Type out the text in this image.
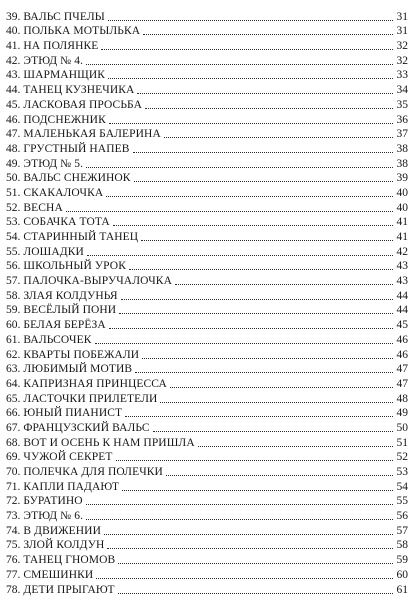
39. ВАЛЬС ПЧЕЛЫ	31
40. ПОЛЬКА МОТЫЛЬКА	31
41. НА ПОЛЯНКЕ	32
42. ЭТЮД № 4.	32
43. ШАРМАНЩИК	33
44. ТАНЕЦ КУЗНЕЧИКА	34
45. ЛАСКОВАЯ ПРОСЬБА	35
46. ПОДСНЕЖНИК	36
47. МАЛЕНЬКАЯ БАЛЕРИНА	37
48. ГРУСТНЫЙ НАПЕВ	38
49. ЭТЮД № 5.	38
50. ВАЛЬС СНЕЖИНОК	39
51. СКАКАЛОЧКА	40
52. ВЕСНА	40
53. СОБАЧКА ТОТА	41
54. СТАРИННЫЙ ТАНЕЦ	41
55. ЛОШАДКИ	42
56. ШКОЛЬНЫЙ УРОК	43
57. ПАЛОЧКА-ВЫРУЧАЛОЧКА	43
58. ЗЛАЯ КОЛДУНЬЯ	44
59. ВЕСЁЛЫЙ ПОНИ	44
60. БЕЛАЯ БЕРЁЗА	45
61. ВАЛЬСОЧЕК	46
62. КВАРТЫ ПОБЕЖАЛИ	46
63. ЛЮБИМЫЙ МОТИВ	47
64. КАПРИЗНАЯ ПРИНЦЕССА	47
65. ЛАСТОЧКИ ПРИЛЕТЕЛИ	48
66. ЮНЫЙ ПИАНИСТ	49
67. ФРАНЦУЗСКИЙ ВАЛЬС	50
68. ВОТ И ОСЕНЬ К НАМ ПРИШЛА	51
69. ЧУЖОЙ СЕКРЕТ	52
70. ПОЛЕЧКА ДЛЯ ПОЛЕЧКИ	53
71. КАПЛИ ПАДАЮТ	54
72. БУРАТИНО	55
73. ЭТЮД № 6.	56
74. В ДВИЖЕНИИ	57
75. ЗЛОЙ КОЛДУН	58
76. ТАНЕЦ ГНОМОВ	59
77. СМЕШИНКИ	60
78. ДЕТИ ПРЫГАЮТ	61
